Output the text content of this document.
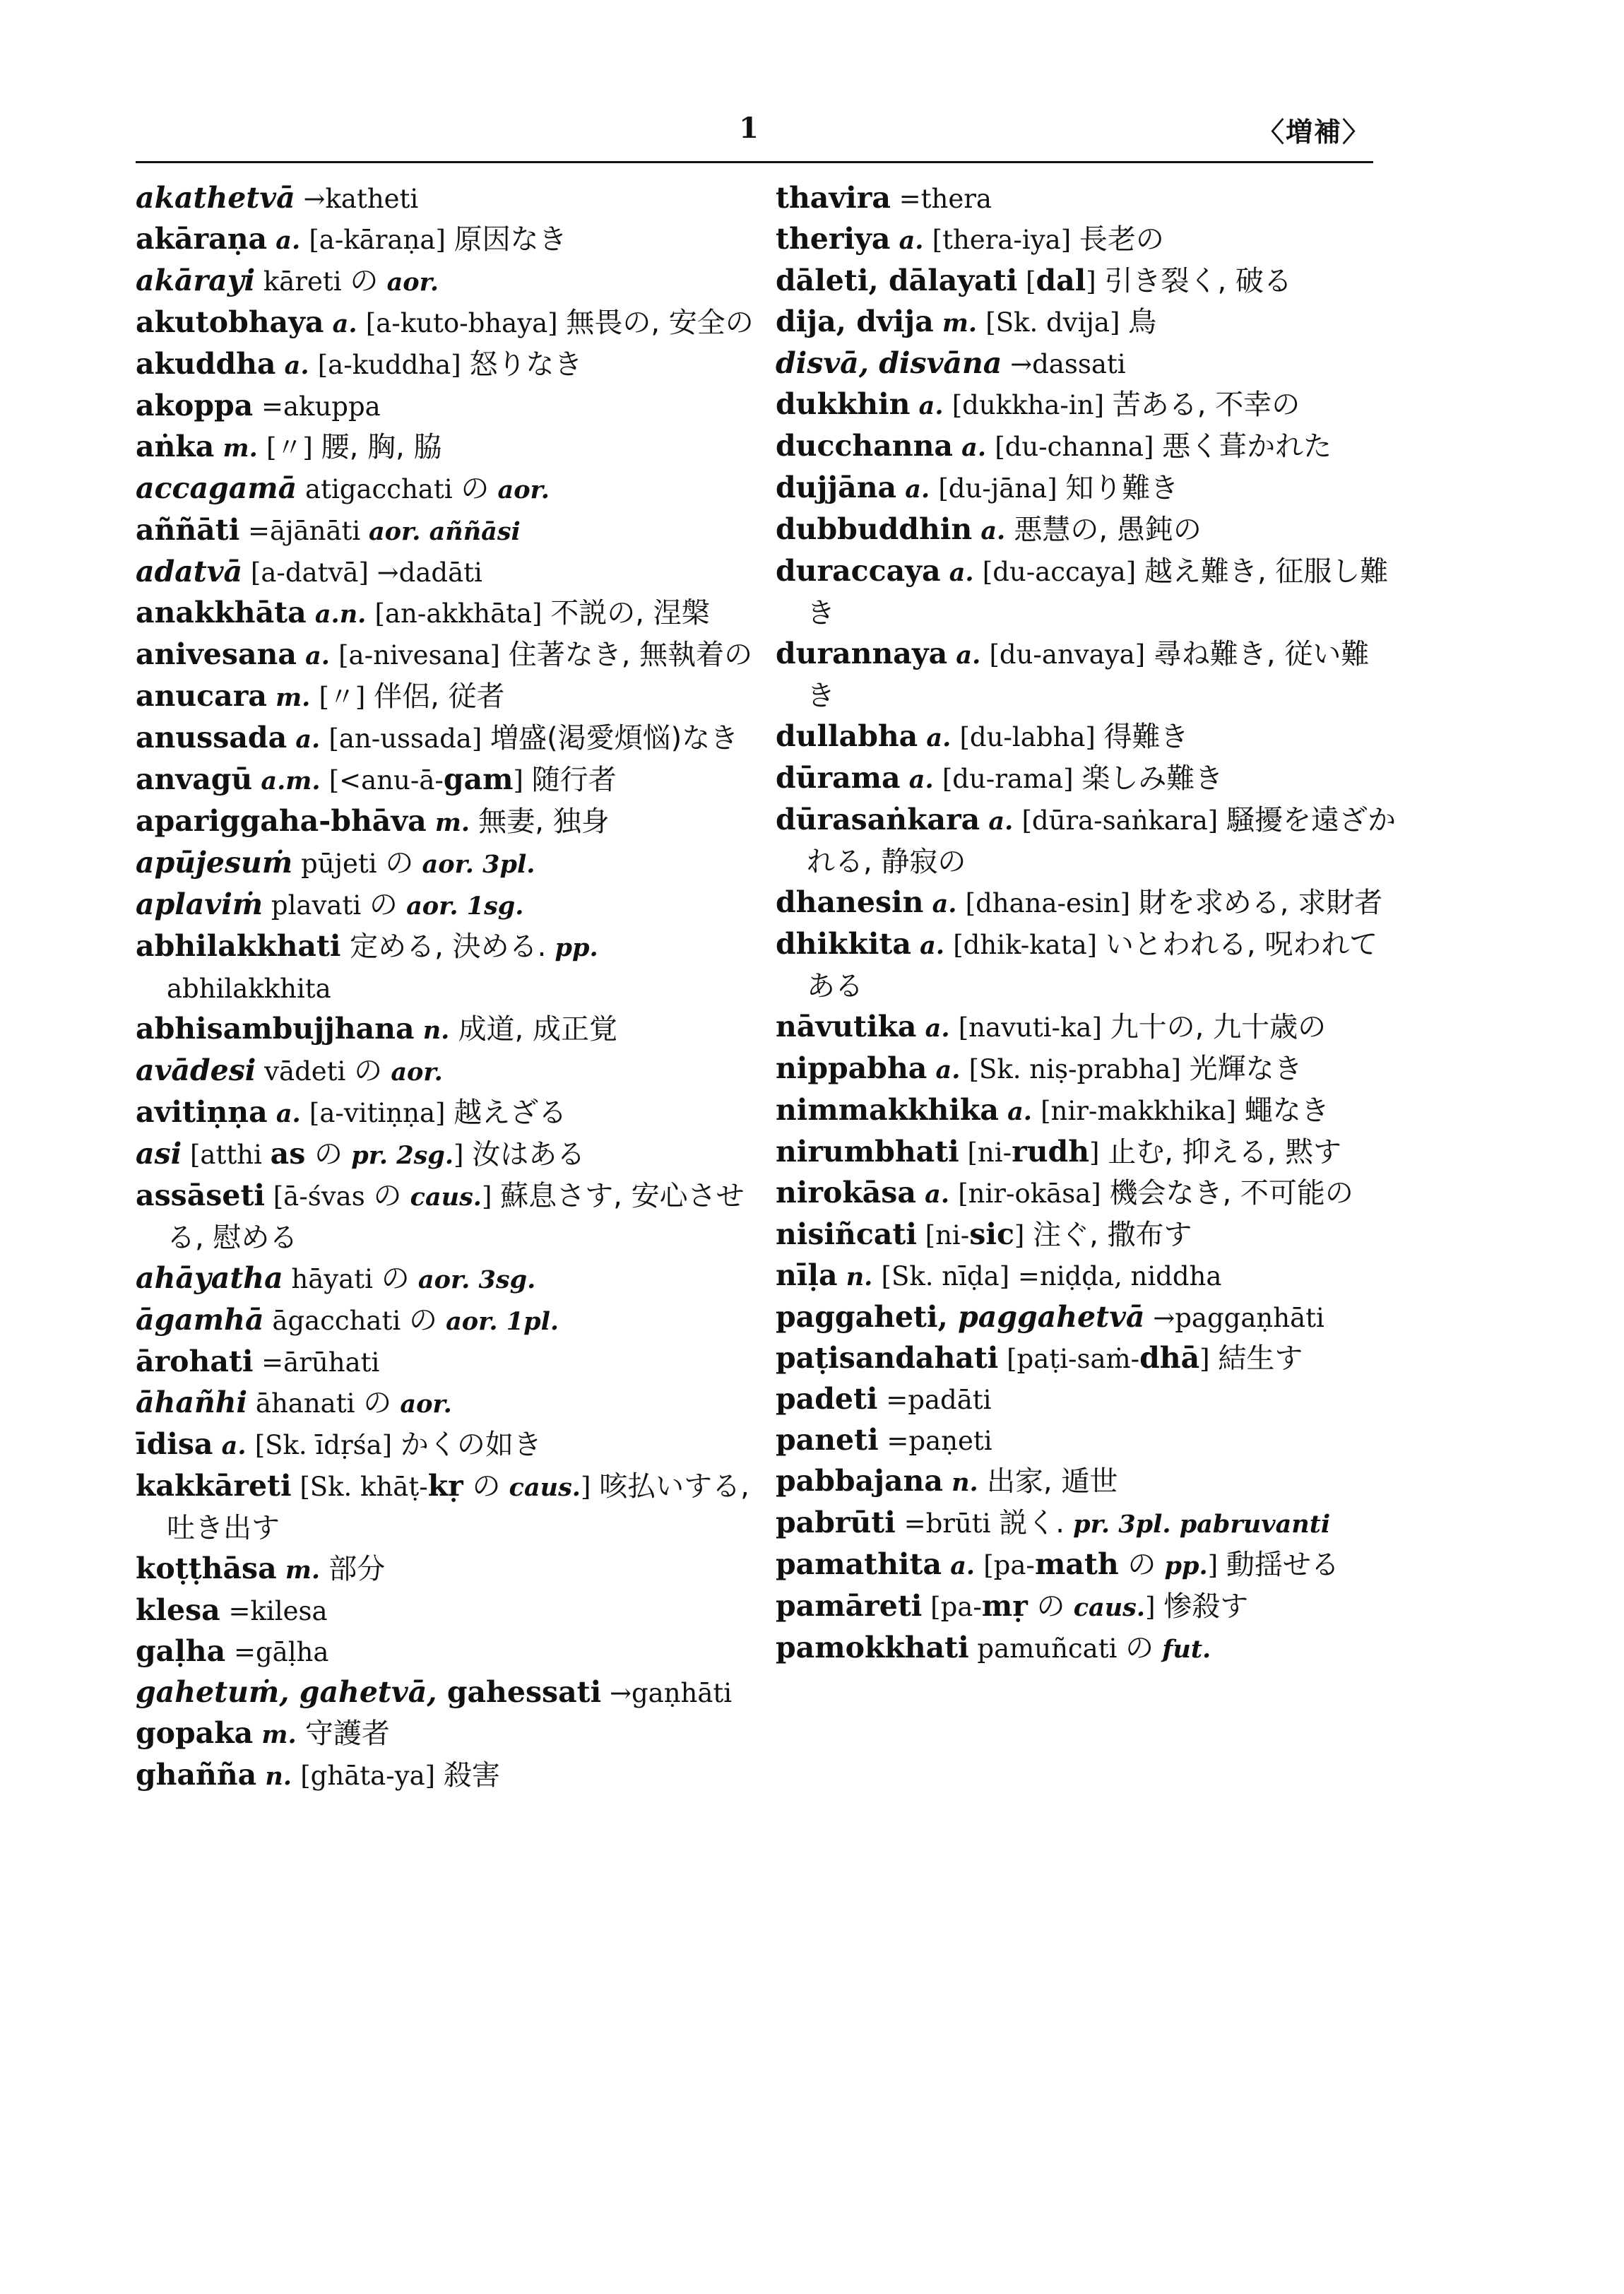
1	〈増補〉

akathetvā →katheti

akāraṇa a. [a-kāraṇa] 原因なき

akārayi kāreti の aor.

akutobhaya a. [a-kuto-bhaya] 無畏の, 安全の

akuddha a. [a-kuddha] 怒りなき

akoppa =akuppa

aṅka m. [〃] 腰, 胸, 脇

accagamā atigacchati の aor.

aññāti =ājānāti aor. aññāsi

adatvā [a-datvā] →dadāti

anakkhāta a.n. [an-akkhāta] 不説の, 涅槃

anivesana a. [a-nivesana] 住著なき, 無執着の

anucara m. [〃] 伴侶, 従者

anussada a. [an-ussada] 増盛(渇愛煩悩)なき

anvagū a.m. [<anu-ā-gam] 随行者

apariggaha-bhāva m. 無妻, 独身

apūjesuṁ pūjeti の aor. 3pl.

aplaviṁ plavati の aor. 1sg.

abhilakkhati 定める, 決める. pp. abhilakkhita

abhisambujjhana n. 成道, 成正覚

avādesi vādeti の aor.

avitiṇṇa a. [a-vitiṇṇa] 越えざる

asi [atthi as の pr. 2sg.] 汝はある

assāseti [ā-śvas の caus.] 蘇息さす, 安心させる, 慰める

ahāyatha hāyati の aor. 3sg.

āgamhā āgacchati の aor. 1pl.

ārohati =ārūhati

āhañhi āhanati の aor.

īdisa a. [Sk. īdṛśa] かくの如き

kakkāreti [Sk. khāṭ-kṛ の caus.] 咳払いする, 吐き出す

koṭṭhāsa m. 部分

klesa =kilesa

gaḷha =gāḷha

gahetuṁ, gahetvā, gahessati →gaṇhāti

gopaka m. 守護者

ghañña n. [ghāta-ya] 殺害

thavira =thera

theriya a. [thera-iya] 長老の

dāleti, dālayati [dal] 引き裂く, 破る

dija, dvija m. [Sk. dvija] 鳥

disvā, disvāna →dassati

dukkhin a. [dukkha-in] 苦ある, 不幸の

ducchanna a. [du-channa] 悪く葺かれた

dujjāna a. [du-jāna] 知り難き

dubbuddhin a. 悪慧の, 愚鈍の

duraccaya a. [du-accaya] 越え難き, 征服し難き

durannaya a. [du-anvaya] 尋ね難き, 従い難き

dullabha a. [du-labha] 得難き

dūrama a. [du-rama] 楽しみ難き

dūrasaṅkara a. [dūra-saṅkara] 騒擾を遠ざかれる, 静寂の

dhanesin a. [dhana-esin] 財を求める, 求財者

dhikkita a. [dhik-kata] いとわれる, 呪われてある

nāvutika a. [navuti-ka] 九十の, 九十歳の

nippabha a. [Sk. niṣ-prabha] 光輝なき

nimmakkhika a. [nir-makkhika] 蠅なき

nirumbhati [ni-rudh] 止む, 抑える, 黙す

nirokāsa a. [nir-okāsa] 機会なき, 不可能の

nisiñcati [ni-sic] 注ぐ, 撒布す

nīḷa n. [Sk. nīḍa] =niḍḍa, niddha

paggaheti, paggahetvā →paggaṇhāti

paṭisandahati [paṭi-saṁ-dhā] 結生す

padeti =padāti

paneti =paṇeti

pabbajana n. 出家, 遁世

pabrūti =brūti 説く. pr. 3pl. pabruvanti

pamathita a. [pa-math の pp.] 動揺せる

pamāreti [pa-mṛ の caus.] 惨殺す

pamokkhati pamuñcati の fut.
